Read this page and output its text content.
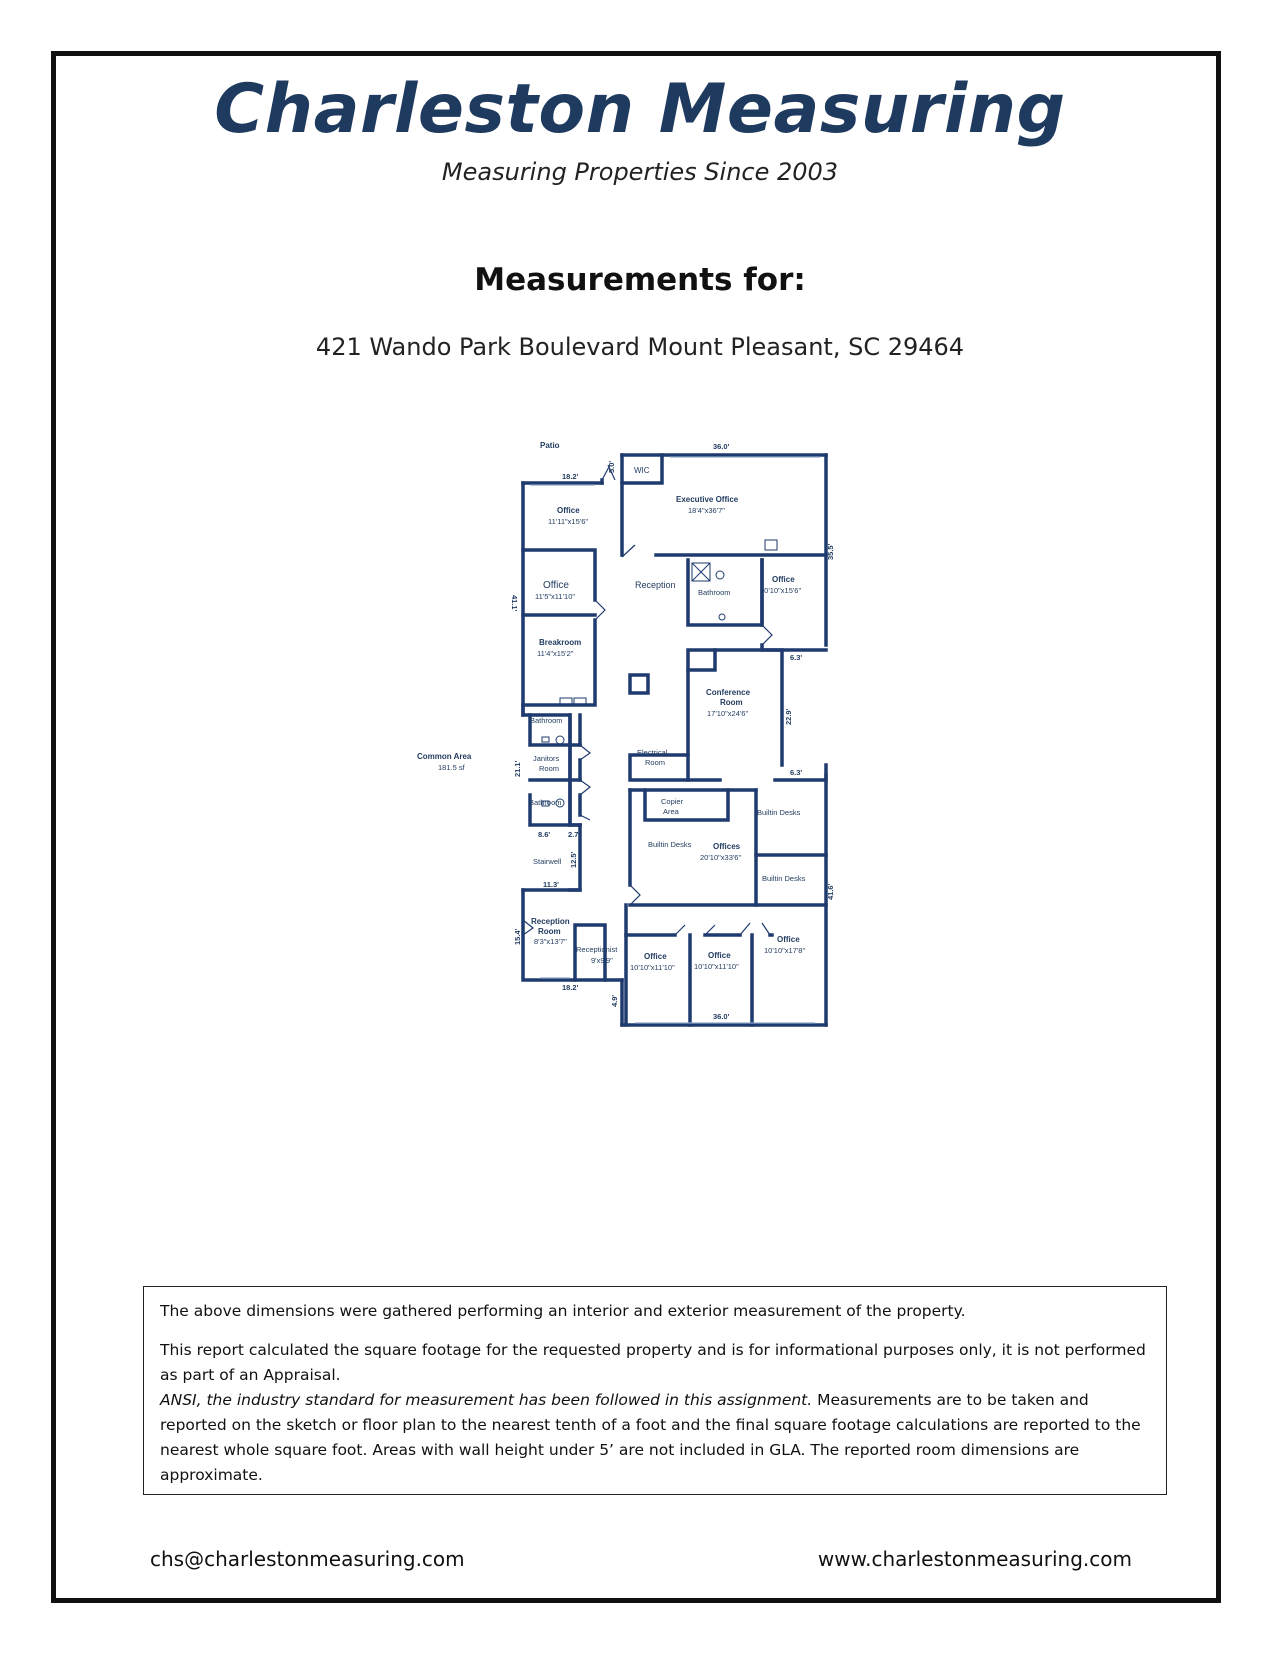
Charleston Measuring
Measuring Properties Since 2003
Measurements for:
421 Wando Park Boulevard Mount Pleasant, SC 29464
Patio
WIC
Executive Office
18'4"x36'7"
Office
11'11"x15'6"
Office
11'5"x11'10"
Reception
Bathroom
Office
10'10"x15'6"
Breakroom
11'4"x15'2"
Conference
Room
17'10"x24'6"
Bathroom
Janitors
Room
Bathroom
Common Area
181.5 sf
Electrical
Room
Copier
Area	Builtin Desks
Builtin Desks	Offices
20'10"x33'6"
Builtin Desks
Stairwell
Reception
Room
8'3"x13'7"
Receptionist
9'x9'9"	Office
10'10"x11'10"
Office
10'10"x11'10"
Office
10'10"x17'8"
36.0'
18.2'
5.0'
35.5'
41.1'
6.3'
22.9'
6.3'
21.1'
8.6' 2.7'
12.5'
11.3'	41.6'
15.4'
18.2'
4.9'
36.0'

The above dimensions were gathered performing an interior and exterior measurement of the property.

This report calculated the square footage for the requested property and is for informational purposes only, it is not performed as part of an Appraisal.

ANSI, the industry standard for measurement has been followed in this assignment. Measurements are to be taken and reported on the sketch or floor plan to the nearest tenth of a foot and the final square footage calculations are reported to the nearest whole square foot. Areas with wall height under 5’ are not included in GLA. The reported room dimensions are approximate.

chs@charlestonmeasuring.com	www.charlestonmeasuring.com
